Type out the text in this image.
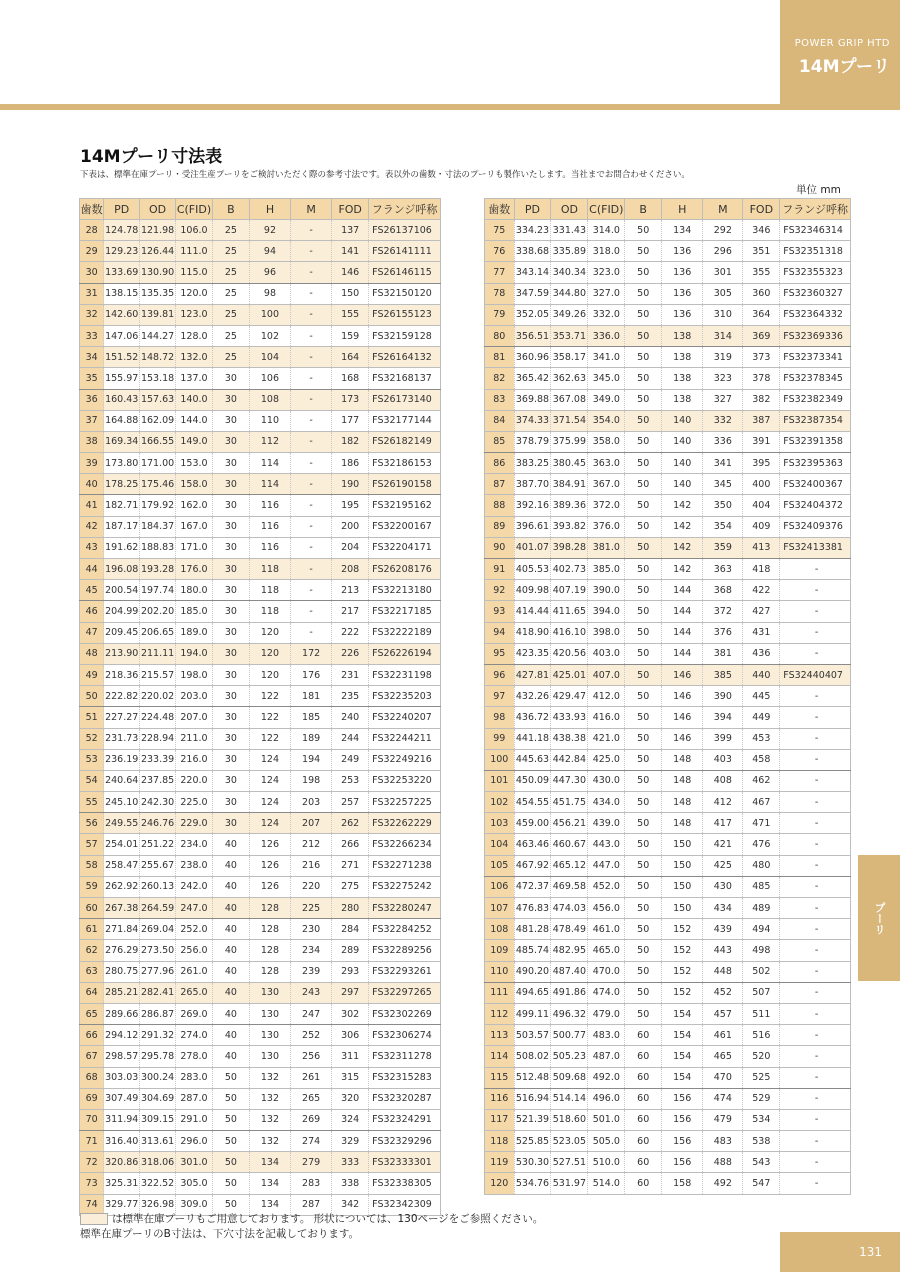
POWER GRIP HTD
14Mプーリ
14Mプーリ寸法表
下表は、標準在庫プーリ・受注生産プーリをご検討いただく際の参考寸法です。表以外の歯数・寸法のプーリも製作いたします。当社までお問合わせください。
単位 mm
歯数	PD	OD	C(FID)	B	H	M	FOD	フランジ呼称
28	124.78	121.98	106.0	25	92	-	137	FS26137106
29	129.23	126.44	111.0	25	94	-	141	FS26141111
30	133.69	130.90	115.0	25	96	-	146	FS26146115
31	138.15	135.35	120.0	25	98	-	150	FS32150120
32	142.60	139.81	123.0	25	100	-	155	FS26155123
33	147.06	144.27	128.0	25	102	-	159	FS32159128
34	151.52	148.72	132.0	25	104	-	164	FS26164132
35	155.97	153.18	137.0	30	106	-	168	FS32168137
36	160.43	157.63	140.0	30	108	-	173	FS26173140
37	164.88	162.09	144.0	30	110	-	177	FS32177144
38	169.34	166.55	149.0	30	112	-	182	FS26182149
39	173.80	171.00	153.0	30	114	-	186	FS32186153
40	178.25	175.46	158.0	30	114	-	190	FS26190158
41	182.71	179.92	162.0	30	116	-	195	FS32195162
42	187.17	184.37	167.0	30	116	-	200	FS32200167
43	191.62	188.83	171.0	30	116	-	204	FS32204171
44	196.08	193.28	176.0	30	118	-	208	FS26208176
45	200.54	197.74	180.0	30	118	-	213	FS32213180
46	204.99	202.20	185.0	30	118	-	217	FS32217185
47	209.45	206.65	189.0	30	120	-	222	FS32222189
48	213.90	211.11	194.0	30	120	172	226	FS26226194
49	218.36	215.57	198.0	30	120	176	231	FS32231198
50	222.82	220.02	203.0	30	122	181	235	FS32235203
51	227.27	224.48	207.0	30	122	185	240	FS32240207
52	231.73	228.94	211.0	30	122	189	244	FS32244211
53	236.19	233.39	216.0	30	124	194	249	FS32249216
54	240.64	237.85	220.0	30	124	198	253	FS32253220
55	245.10	242.30	225.0	30	124	203	257	FS32257225
56	249.55	246.76	229.0	30	124	207	262	FS32262229
57	254.01	251.22	234.0	40	126	212	266	FS32266234
58	258.47	255.67	238.0	40	126	216	271	FS32271238
59	262.92	260.13	242.0	40	126	220	275	FS32275242
60	267.38	264.59	247.0	40	128	225	280	FS32280247
61	271.84	269.04	252.0	40	128	230	284	FS32284252
62	276.29	273.50	256.0	40	128	234	289	FS32289256
63	280.75	277.96	261.0	40	128	239	293	FS32293261
64	285.21	282.41	265.0	40	130	243	297	FS32297265
65	289.66	286.87	269.0	40	130	247	302	FS32302269
66	294.12	291.32	274.0	40	130	252	306	FS32306274
67	298.57	295.78	278.0	40	130	256	311	FS32311278
68	303.03	300.24	283.0	50	132	261	315	FS32315283
69	307.49	304.69	287.0	50	132	265	320	FS32320287
70	311.94	309.15	291.0	50	132	269	324	FS32324291
71	316.40	313.61	296.0	50	132	274	329	FS32329296
72	320.86	318.06	301.0	50	134	279	333	FS32333301
73	325.31	322.52	305.0	50	134	283	338	FS32338305
74	329.77	326.98	309.0	50	134	287	342	FS32342309
歯数	PD	OD	C(FID)	B	H	M	FOD	フランジ呼称
75	334.23	331.43	314.0	50	134	292	346	FS32346314
76	338.68	335.89	318.0	50	136	296	351	FS32351318
77	343.14	340.34	323.0	50	136	301	355	FS32355323
78	347.59	344.80	327.0	50	136	305	360	FS32360327
79	352.05	349.26	332.0	50	136	310	364	FS32364332
80	356.51	353.71	336.0	50	138	314	369	FS32369336
81	360.96	358.17	341.0	50	138	319	373	FS32373341
82	365.42	362.63	345.0	50	138	323	378	FS32378345
83	369.88	367.08	349.0	50	138	327	382	FS32382349
84	374.33	371.54	354.0	50	140	332	387	FS32387354
85	378.79	375.99	358.0	50	140	336	391	FS32391358
86	383.25	380.45	363.0	50	140	341	395	FS32395363
87	387.70	384.91	367.0	50	140	345	400	FS32400367
88	392.16	389.36	372.0	50	142	350	404	FS32404372
89	396.61	393.82	376.0	50	142	354	409	FS32409376
90	401.07	398.28	381.0	50	142	359	413	FS32413381
91	405.53	402.73	385.0	50	142	363	418	-
92	409.98	407.19	390.0	50	144	368	422	-
93	414.44	411.65	394.0	50	144	372	427	-
94	418.90	416.10	398.0	50	144	376	431	-
95	423.35	420.56	403.0	50	144	381	436	-
96	427.81	425.01	407.0	50	146	385	440	FS32440407
97	432.26	429.47	412.0	50	146	390	445	-
98	436.72	433.93	416.0	50	146	394	449	-
99	441.18	438.38	421.0	50	146	399	453	-
100	445.63	442.84	425.0	50	148	403	458	-
101	450.09	447.30	430.0	50	148	408	462	-
102	454.55	451.75	434.0	50	148	412	467	-
103	459.00	456.21	439.0	50	148	417	471	-
104	463.46	460.67	443.0	50	150	421	476	-
105	467.92	465.12	447.0	50	150	425	480	-
106	472.37	469.58	452.0	50	150	430	485	-
107	476.83	474.03	456.0	50	150	434	489	-
108	481.28	478.49	461.0	50	152	439	494	-
109	485.74	482.95	465.0	50	152	443	498	-
110	490.20	487.40	470.0	50	152	448	502	-
111	494.65	491.86	474.0	50	152	452	507	-
112	499.11	496.32	479.0	50	154	457	511	-
113	503.57	500.77	483.0	60	154	461	516	-
114	508.02	505.23	487.0	60	154	465	520	-
115	512.48	509.68	492.0	60	154	470	525	-
116	516.94	514.14	496.0	60	156	474	529	-
117	521.39	518.60	501.0	60	156	479	534	-
118	525.85	523.05	505.0	60	156	483	538	-
119	530.30	527.51	510.0	60	156	488	543	-
120	534.76	531.97	514.0	60	158	492	547	-
は標準在庫プーリもご用意しております。 形状については、130ページをご参照ください。
標準在庫プーリのB寸法は、下穴寸法を記載しております。
プーリ
131
